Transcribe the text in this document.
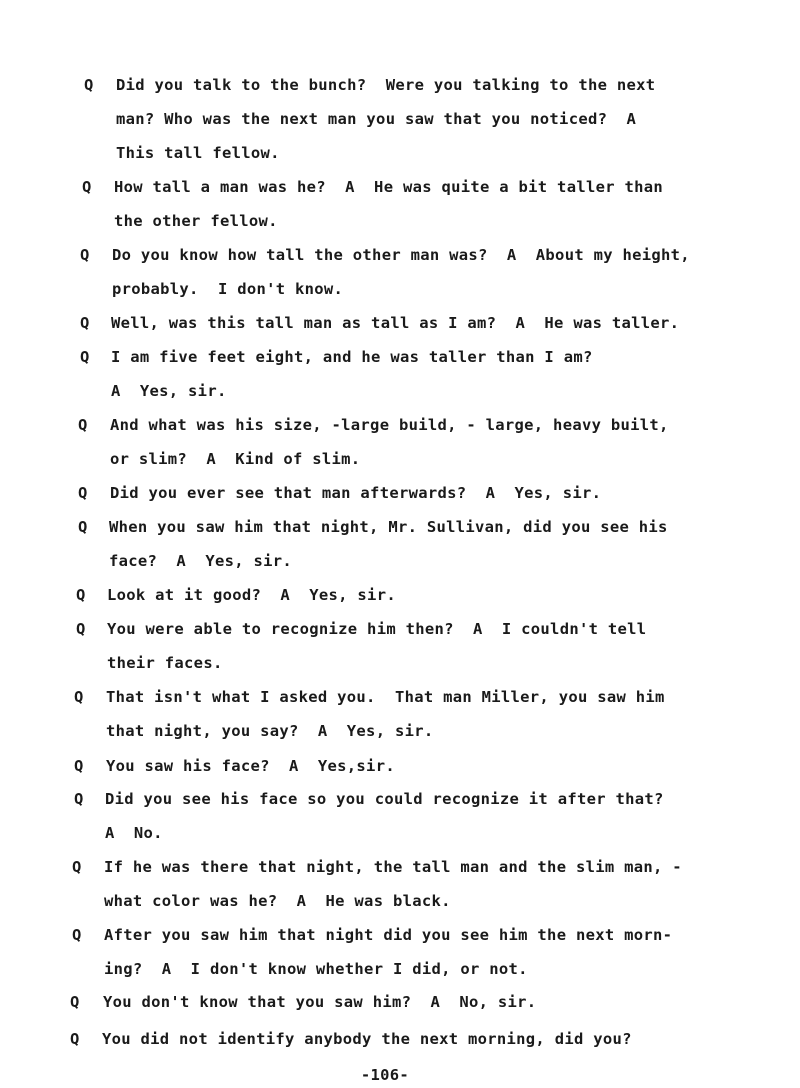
Q	Did you talk to the bunch?  Were you talking to the next
man? Who was the next man you saw that you noticed?  A
This tall fellow.
Q	How tall a man was he?  A  He was quite a bit taller than
the other fellow.
Q	Do you know how tall the other man was?  A  About my height,
probably.  I don't know.
Q	Well, was this tall man as tall as I am?  A  He was taller.
Q	I am five feet eight, and he was taller than I am?
A  Yes, sir.
Q	And what was his size, -large build, - large, heavy built,
or slim?  A  Kind of slim.
Q	Did you ever see that man afterwards?  A  Yes, sir.
Q	When you saw him that night, Mr. Sullivan, did you see his
face?  A  Yes, sir.
Q	Look at it good?  A  Yes, sir.
Q	You were able to recognize him then?  A  I couldn't tell
their faces.
Q	That isn't what I asked you.  That man Miller, you saw him
that night, you say?  A  Yes, sir.
Q	You saw his face?  A  Yes,sir.
Q	Did you see his face so you could recognize it after that?
A  No.
Q	If he was there that night, the tall man and the slim man, -
what color was he?  A  He was black.
Q	After you saw him that night did you see him the next morn-
ing?  A  I don't know whether I did, or not.
Q	You don't know that you saw him?  A  No, sir.
Q	You did not identify anybody the next morning, did you?
-106-
